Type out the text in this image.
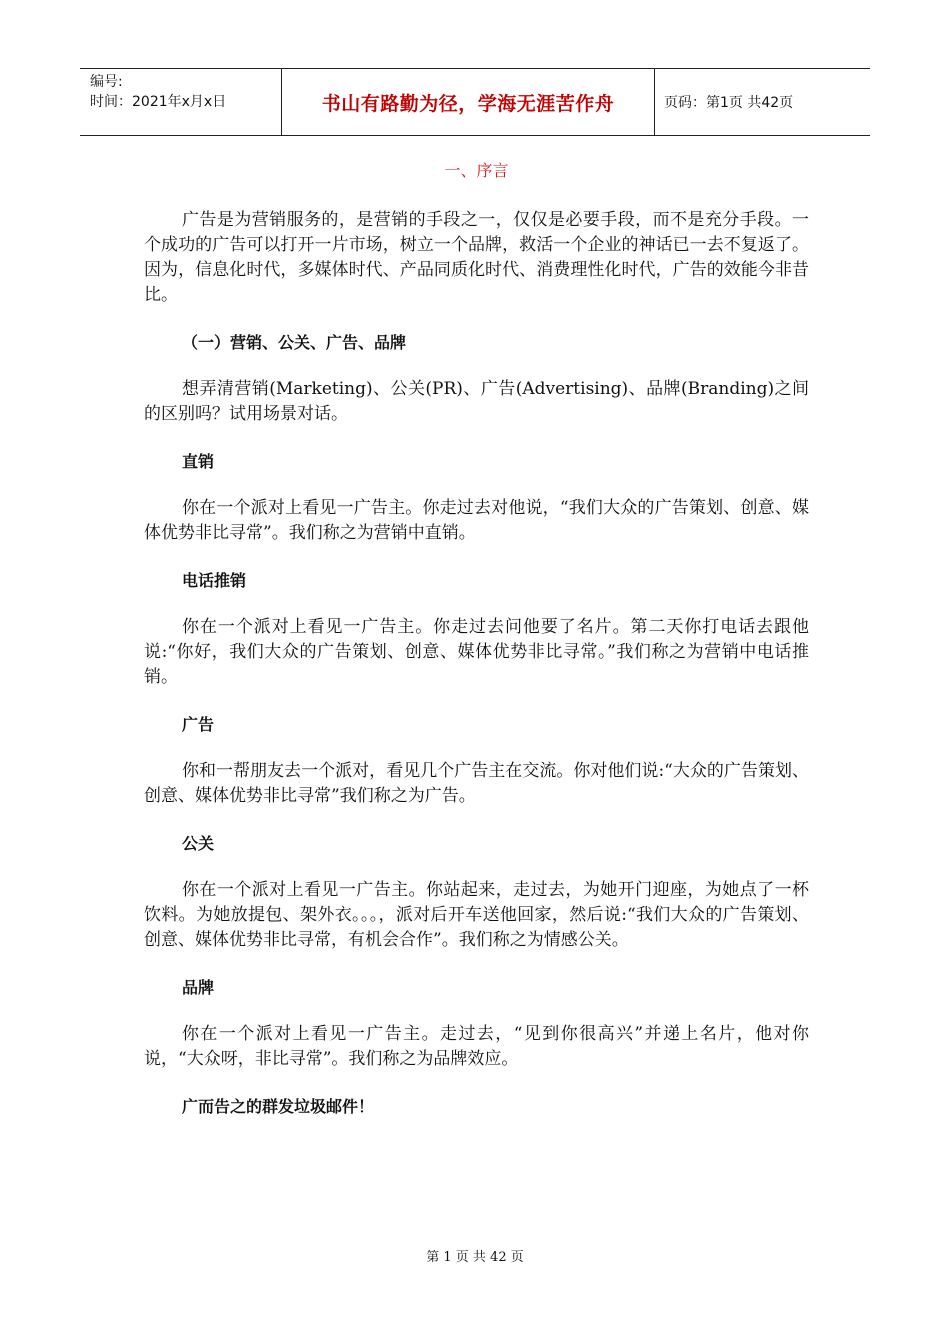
编号:
时间：2021年x月x日	书山有路勤为径，学海无涯苦作舟	页码：第1页 共42页
一、序言

广告是为营销服务的，是营销的手段之一，仅仅是必要手段，而不是充分手段。一个成功的广告可以打开一片市场，树立一个品牌，救活一个企业的神话已一去不复返了。因为，信息化时代，多媒体时代、产品同质化时代、消费理性化时代，广告的效能今非昔比。

（一）营销、公关、广告、品牌

想弄清营销(Marketing)、公关(PR)、广告(Advertising)、品牌(Branding)之间的区别吗？试用场景对话。

直销

你在一个派对上看见一广告主。你走过去对他说，“我们大众的广告策划、创意、媒体优势非比寻常”。我们称之为营销中直销。

电话推销

你在一个派对上看见一广告主。你走过去问他要了名片。第二天你打电话去跟他说:“你好，我们大众的广告策划、创意、媒体优势非比寻常。”我们称之为营销中电话推销。

广告

你和一帮朋友去一个派对，看见几个广告主在交流。你对他们说:“大众的广告策划、创意、媒体优势非比寻常”我们称之为广告。

公关

你在一个派对上看见一广告主。你站起来，走过去，为她开门迎座，为她点了一杯饮料。为她放提包、架外衣。。。，派对后开车送他回家，然后说:“我们大众的广告策划、创意、媒体优势非比寻常，有机会合作”。我们称之为情感公关。

品牌

你在一个派对上看见一广告主。走过去，“见到你很高兴”并递上名片，他对你说，“大众呀，非比寻常”。我们称之为品牌效应。

广而告之的群发垃圾邮件！
第 1 页 共 42 页
